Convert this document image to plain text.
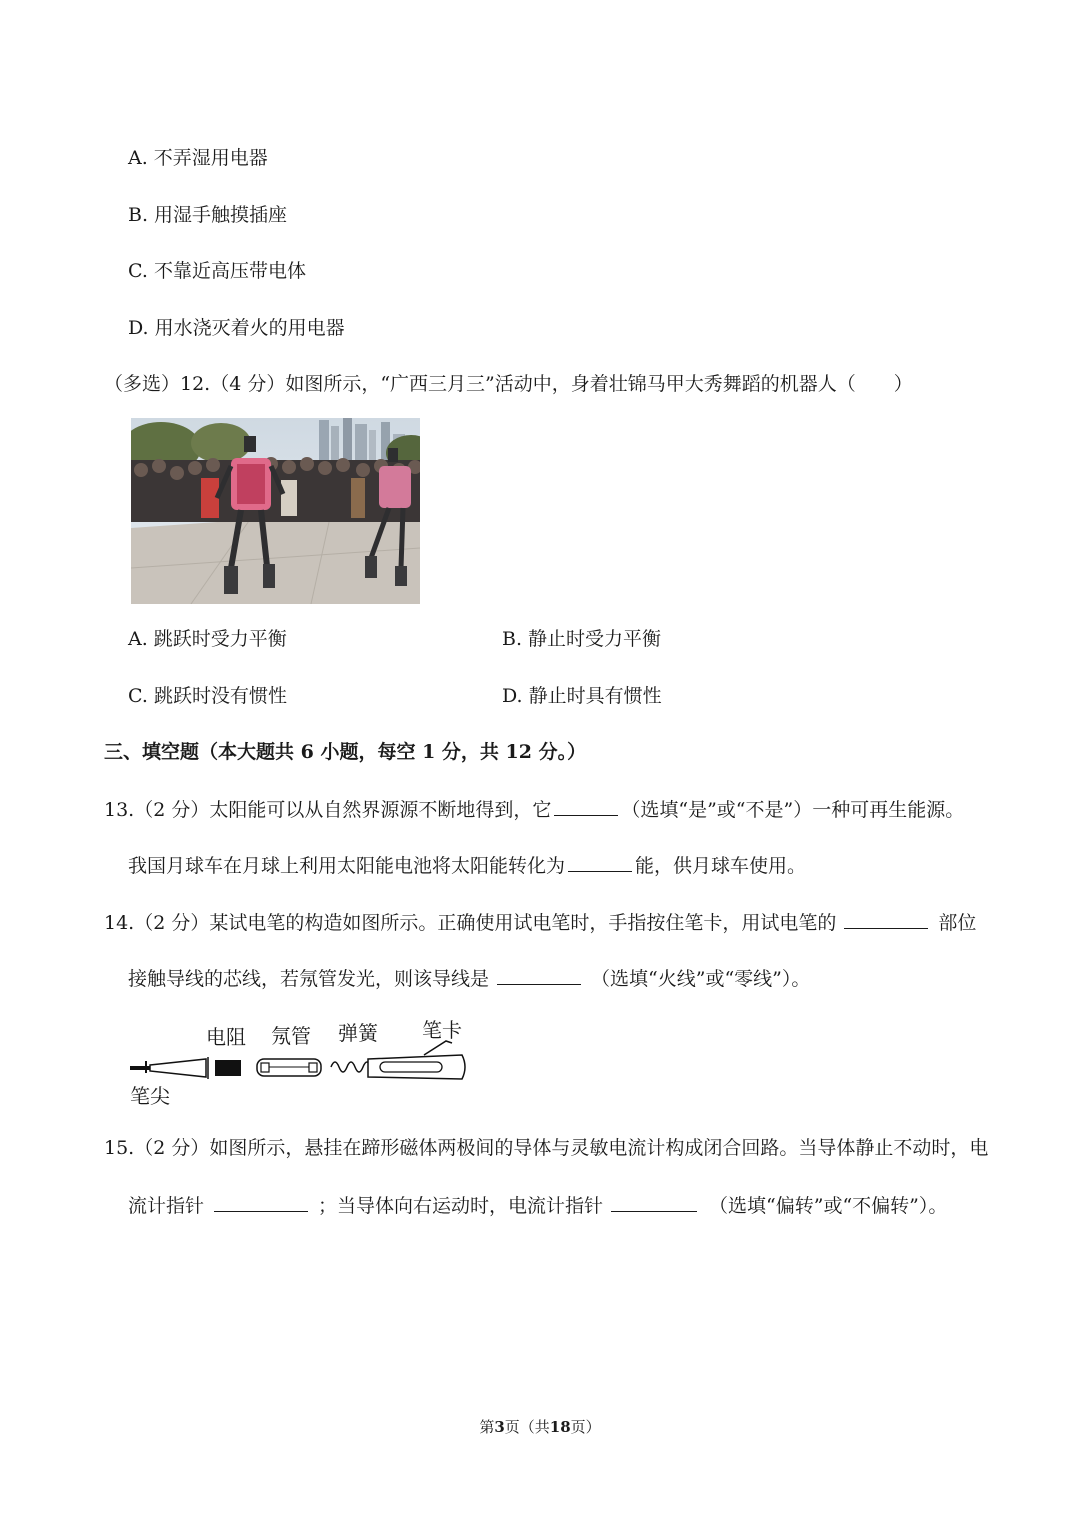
A. 不弄湿用电器
B. 用湿手触摸插座
C. 不靠近高压带电体
D. 用水浇灭着火的用电器
（多选）12.（4 分）如图所示，“广西三月三”活动中，身着壮锦马甲大秀舞蹈的机器人（　　）
A. 跳跃时受力平衡	B. 静止时受力平衡
C. 跳跃时没有惯性	D. 静止时具有惯性
三、填空题（本大题共 6 小题，每空 1 分，共 12 分。）
13.（2 分）太阳能可以从自然界源源不断地得到，它	（选填“是”或“不是”）一种可再生能源。
我国月球车在月球上利用太阳能电池将太阳能转化为	能，供月球车使用。
14.（2 分）某试电笔的构造如图所示。正确使用试电笔时，手指按住笔卡，用试电笔的	部位
接触导线的芯线，若氖管发光，则该导线是	（选填“火线”或“零线”）。
电阻 氖管 弹簧 笔卡
笔尖
15.（2 分）如图所示，悬挂在蹄形磁体两极间的导体与灵敏电流计构成闭合回路。当导体静止不动时，电
流计指针	；当导体向右运动时，电流计指针	（选填“偏转”或“不偏转”）。
第3页（共18页）
